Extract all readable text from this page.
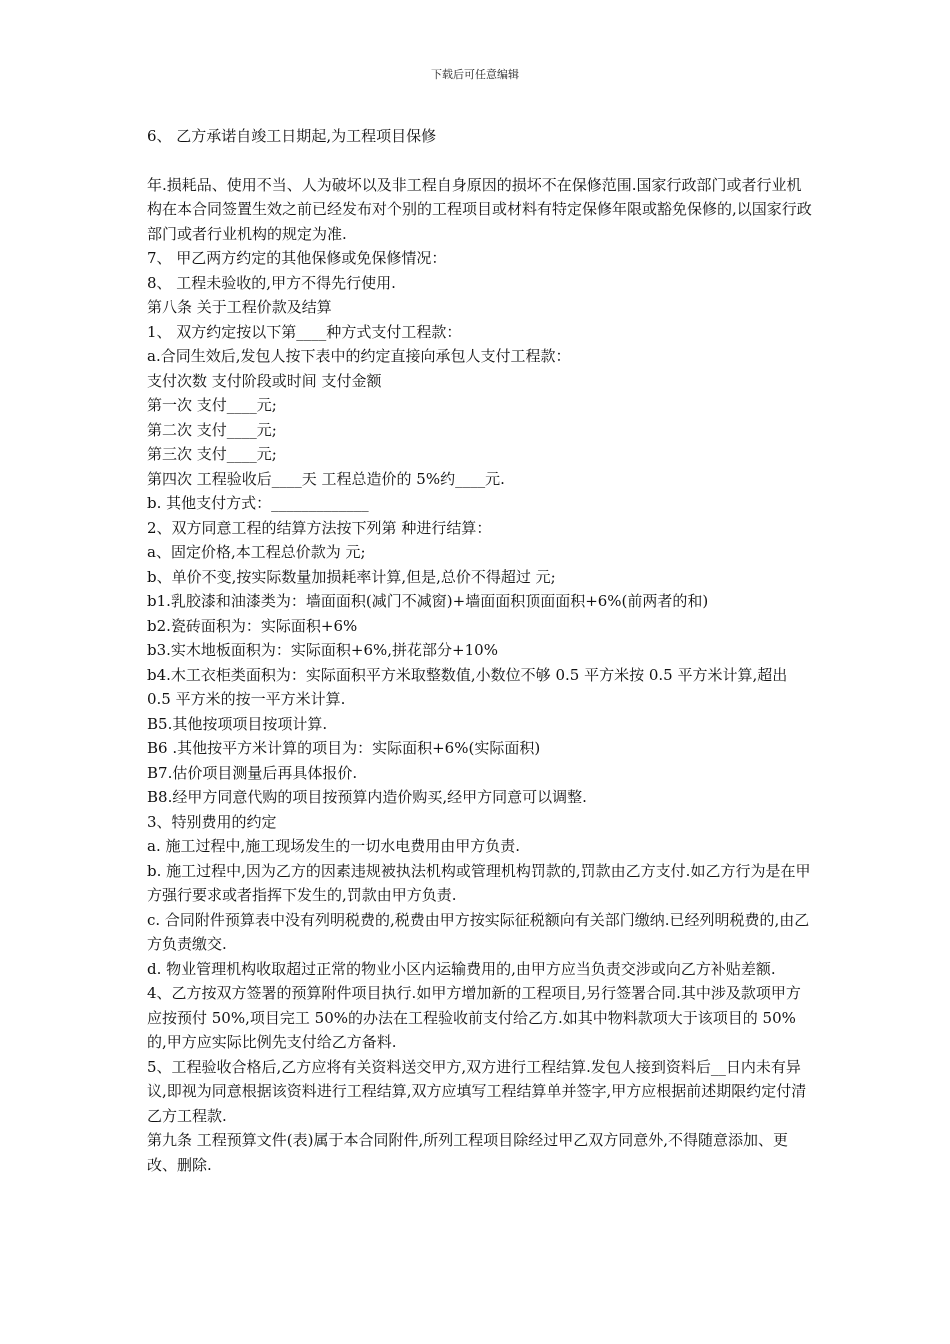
下载后可任意编辑

6、 乙方承诺自竣工日期起,为工程项目保修

年.损耗品、使用不当、人为破坏以及非工程自身原因的损坏不在保修范围.国家行政部门或者行业机构在本合同签置生效之前已经发布对个别的工程项目或材料有特定保修年限或豁免保修的,以国家行政部门或者行业机构的规定为准.

7、 甲乙两方约定的其他保修或免保修情况：

8、 工程未验收的,甲方不得先行使用.

第八条 关于工程价款及结算

1、 双方约定按以下第____种方式支付工程款：

a.合同生效后,发包人按下表中的约定直接向承包人支付工程款：

支付次数 支付阶段或时间 支付金额

第一次 支付____元;

第二次 支付____元;

第三次 支付____元;

第四次 工程验收后____天 工程总造价的 5%约____元.

b. 其他支付方式：_____________

2、双方同意工程的结算方法按下列第 种进行结算：

a、固定价格,本工程总价款为 元;

b、单价不变,按实际数量加损耗率计算,但是,总价不得超过 元;

b1.乳胶漆和油漆类为：墙面面积(减门不减窗)+墙面面积顶面面积+6%(前两者的和)

b2.瓷砖面积为：实际面积+6%

b3.实木地板面积为：实际面积+6%,拼花部分+10%

b4.木工衣柜类面积为：实际面积平方米取整数值,小数位不够 0.5 平方米按 0.5 平方米计算,超出 0.5 平方米的按一平方米计算.

B5.其他按项项目按项计算.

B6 .其他按平方米计算的项目为：实际面积+6%(实际面积)

B7.估价项目测量后再具体报价.

B8.经甲方同意代购的项目按预算内造价购买,经甲方同意可以调整.

3、特别费用的约定

a. 施工过程中,施工现场发生的一切水电费用由甲方负责.

b. 施工过程中,因为乙方的因素违规被执法机构或管理机构罚款的,罚款由乙方支付.如乙方行为是在甲方强行要求或者指挥下发生的,罚款由甲方负责.

c. 合同附件预算表中没有列明税费的,税费由甲方按实际征税额向有关部门缴纳.已经列明税费的,由乙方负责缴交.

d. 物业管理机构收取超过正常的物业小区内运输费用的,由甲方应当负责交涉或向乙方补贴差额.

4、乙方按双方签署的预算附件项目执行.如甲方增加新的工程项目,另行签署合同.其中涉及款项甲方应按预付 50%,项目完工 50%的办法在工程验收前支付给乙方.如其中物料款项大于该项目的 50%的,甲方应实际比例先支付给乙方备料.

5、工程验收合格后,乙方应将有关资料送交甲方,双方进行工程结算.发包人接到资料后__日内未有异议,即视为同意根据该资料进行工程结算,双方应填写工程结算单并签字,甲方应根据前述期限约定付清乙方工程款.

第九条 工程预算文件(表)属于本合同附件,所列工程项目除经过甲乙双方同意外,不得随意添加、更改、删除.
